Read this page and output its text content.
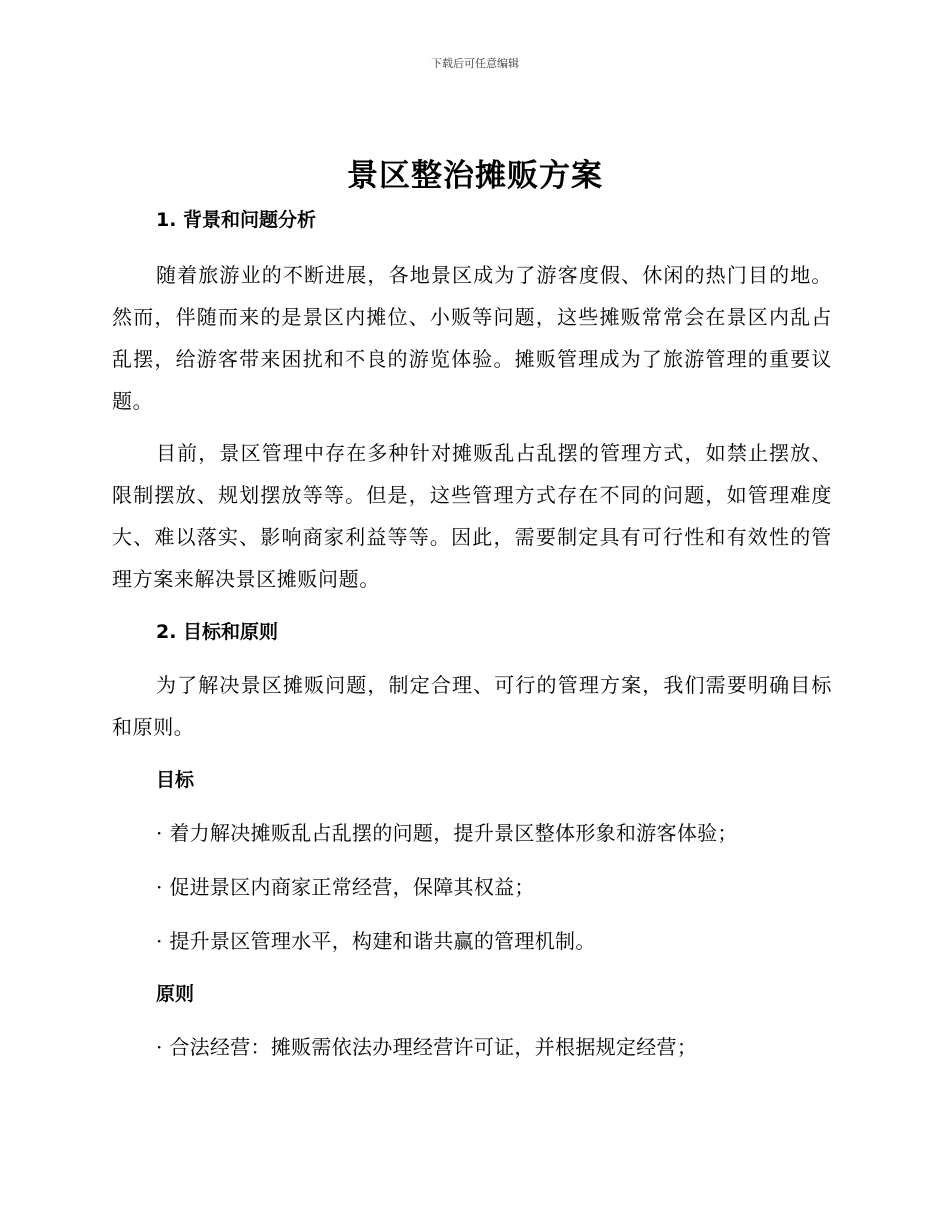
下载后可任意编辑
景区整治摊贩方案
1. 背景和问题分析

随着旅游业的不断进展，各地景区成为了游客度假、休闲的热门目的地。然而，伴随而来的是景区内摊位、小贩等问题，这些摊贩常常会在景区内乱占乱摆，给游客带来困扰和不良的游览体验。摊贩管理成为了旅游管理的重要议题。

目前，景区管理中存在多种针对摊贩乱占乱摆的管理方式，如禁止摆放、限制摆放、规划摆放等等。但是，这些管理方式存在不同的问题，如管理难度大、难以落实、影响商家利益等等。因此，需要制定具有可行性和有效性的管理方案来解决景区摊贩问题。

2. 目标和原则

为了解决景区摊贩问题，制定合理、可行的管理方案，我们需要明确目标和原则。

目标
· 着力解决摊贩乱占乱摆的问题，提升景区整体形象和游客体验；
· 促进景区内商家正常经营，保障其权益；
· 提升景区管理水平，构建和谐共赢的管理机制。
原则
· 合法经营：摊贩需依法办理经营许可证，并根据规定经营；
